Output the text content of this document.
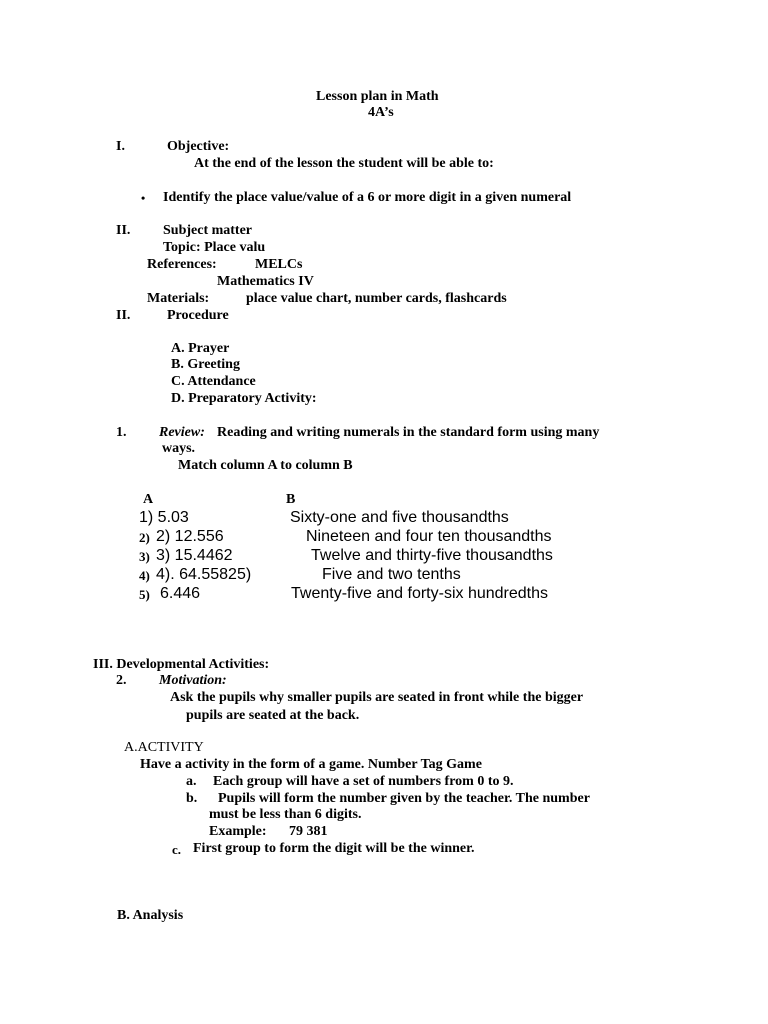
Lesson plan in Math
4A’s
I.	Objective:
At the end of the lesson the student will be able to:
• Identify the place value/value of a 6 or more digit in a given numeral
II. Subject matter
Topic: Place valu
References:	MELCs
Mathematics IV
Materials:	place value chart, number cards, flashcards
II.	Procedure
A. Prayer
B. Greeting
C. Attendance
D. Preparatory Activity:
1. Review: Reading and writing numerals in the standard form using many
ways.
Match column A to column B
A	B
1) 5.03	Sixty-one and five thousandths
2) 2) 12.556	Nineteen and four ten thousandths
3) 3) 15.4462	Twelve and thirty-five thousandths
4) 4). 64.55825)	Five and two tenths
5) 6.446	Twenty-five and forty-six hundredths
III. Developmental Activities:
2. Motivation:
Ask the pupils why smaller pupils are seated in front while the bigger
pupils are seated at the back.
A.ACTIVITY
Have a activity in the form of a game. Number Tag Game
a. Each group will have a set of numbers from 0 to 9.
b. Pupils will form the number given by the teacher. The number
must be less than 6 digits.
Example: 79 381
c. First group to form the digit will be the winner.
B. Analysis
